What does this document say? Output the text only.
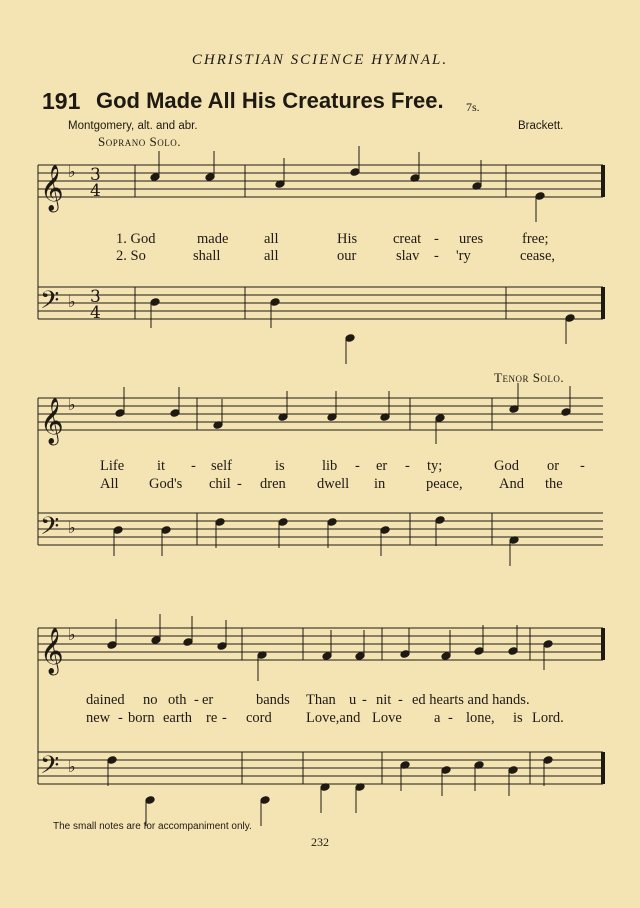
CHRISTIAN SCIENCE HYMNAL.
191 God Made All His Creatures Free. 7s.
Montgomery, alt. and abr.	Brackett.
Soprano Solo.
Tenor Solo.
𝄞
𝄢
♭
♭
3
4
3
4
𝄞
𝄢
♭
♭
𝄞
𝄢
♭
♭
1. God	made all	His creat - ures	free;
2. So	shall	all	our	slav - 'ry	cease,
Life it - self	is	lib - er - ty;	God or -
All God's chil - dren dwell in	peace,	And the
dained no oth - er	bands Than u - nit - ed hearts and hands.
new - born earth re - cord Love,and Love a - lone, is Lord.
The small notes are for accompaniment only.
232
